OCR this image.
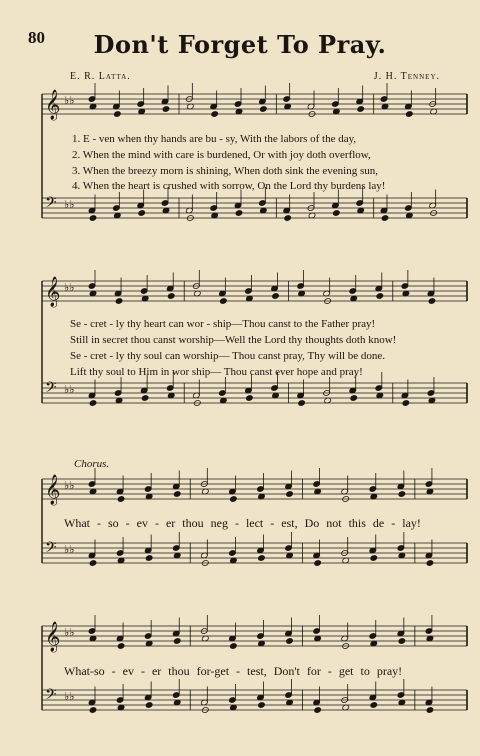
80	Don't Forget To Pray.
E. R. Latta.	J. H. Tenney.
𝄞 ♭♭
𝄢 ♭♭
𝄞 ♭♭
𝄢 ♭♭
𝄞 ♭♭
𝄢 ♭♭
𝄞 ♭♭
𝄢 ♭♭
1. E - ven when thy hands are bu - sy, With the labors of the day,
2. When the mind with care is burdened, Or with joy doth overflow,
3. When the breezy morn is shining, When doth sink the evening sun,
4. When the heart is crushed with sorrow, On the Lord thy burdens lay!
Se - cret - ly thy heart can wor - ship—Thou canst to the Father pray!
Still in secret thou canst worship—Well the Lord thy thoughts doth know!
Se - cret - ly thy soul can worship— Thou canst pray, Thy will be done.
Lift thy soul to Him in wor ship— Thou canst ever hope and pray!
Chorus.
What - so - ev - er thou neg - lect - est, Do not this de - lay!
What-so - ev - er thou for-get - test, Don't for - get to pray!
